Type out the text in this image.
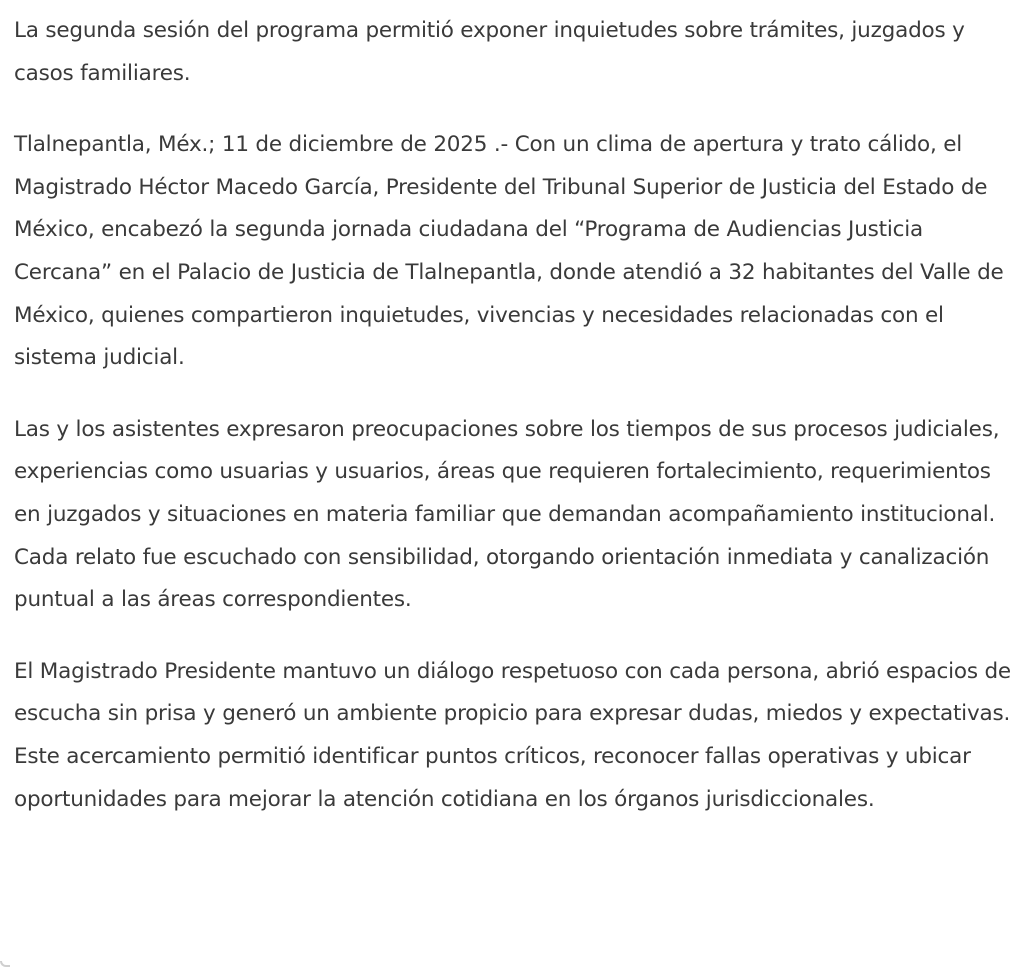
La segunda sesión del programa permitió exponer inquietudes sobre trámites, juzgados y casos familiares.

Tlalnepantla, Méx.; 11 de diciembre de 2025 .- Con un clima de apertura y trato cálido, el Magistrado Héctor Macedo García, Presidente del Tribunal Superior de Justicia del Estado de México, encabezó la segunda jornada ciudadana del “Programa de Audiencias Justicia Cercana” en el Palacio de Justicia de Tlalnepantla, donde atendió a 32 habitantes del Valle de México, quienes compartieron inquietudes, vivencias y necesidades relacionadas con el sistema judicial.

Las y los asistentes expresaron preocupaciones sobre los tiempos de sus procesos judiciales, experiencias como usuarias y usuarios, áreas que requieren fortalecimiento, requerimientos en juzgados y situaciones en materia familiar que demandan acompañamiento institucional. Cada relato fue escuchado con sensibilidad, otorgando orientación inmediata y canalización puntual a las áreas correspondientes.

El Magistrado Presidente mantuvo un diálogo respetuoso con cada persona, abrió espacios de escucha sin prisa y generó un ambiente propicio para expresar dudas, miedos y expectativas. Este acercamiento permitió identificar puntos críticos, reconocer fallas operativas y ubicar oportunidades para mejorar la atención cotidiana en los órganos jurisdiccionales.
